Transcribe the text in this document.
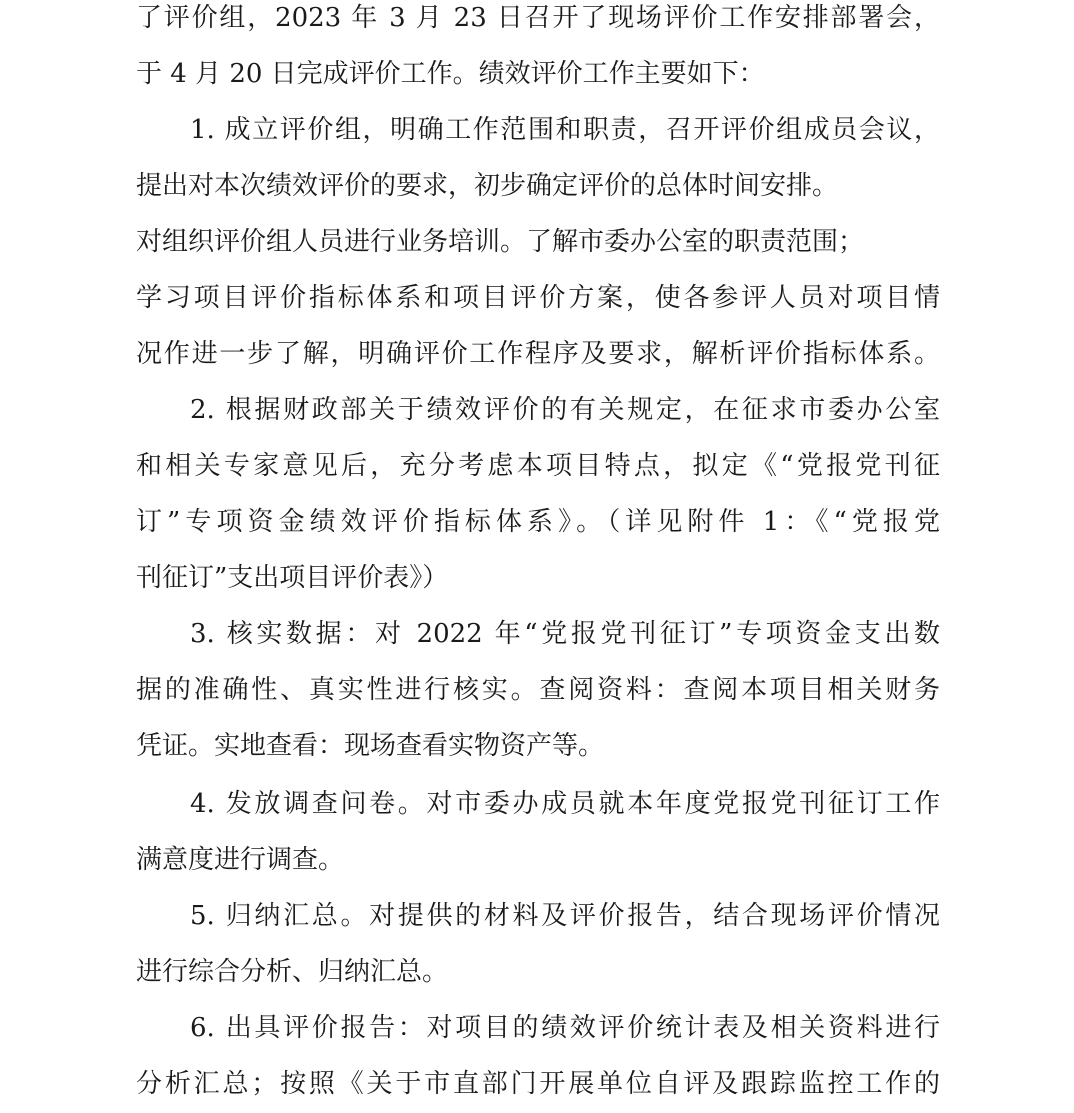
了评价组，2023 年 3 月 23 日召开了现场评价工作安排部署会，
于 4 月 20 日完成评价工作。绩效评价工作主要如下：
1. 成立评价组，明确工作范围和职责，召开评价组成员会议，
提出对本次绩效评价的要求，初步确定评价的总体时间安排。
对组织评价组人员进行业务培训。了解市委办公室的职责范围；
学习项目评价指标体系和项目评价方案，使各参评人员对项目情
况作进一步了解，明确评价工作程序及要求，解析评价指标体系。
2. 根据财政部关于绩效评价的有关规定，在征求市委办公室
和相关专家意见后，充分考虑本项目特点，拟定《“党报党刊征
订”专项资金绩效评价指标体系》。（详见附件 1：《“党报党
刊征订”支出项目评价表》）
3. 核实数据：对 2022 年“党报党刊征订”专项资金支出数
据的准确性、真实性进行核实。查阅资料：查阅本项目相关财务
凭证。实地查看：现场查看实物资产等。
4. 发放调查问卷。对市委办成员就本年度党报党刊征订工作
满意度进行调查。
5. 归纳汇总。对提供的材料及评价报告，结合现场评价情况
进行综合分析、归纳汇总。
6. 出具评价报告：对项目的绩效评价统计表及相关资料进行
分析汇总；按照《关于市直部门开展单位自评及跟踪监控工作的
